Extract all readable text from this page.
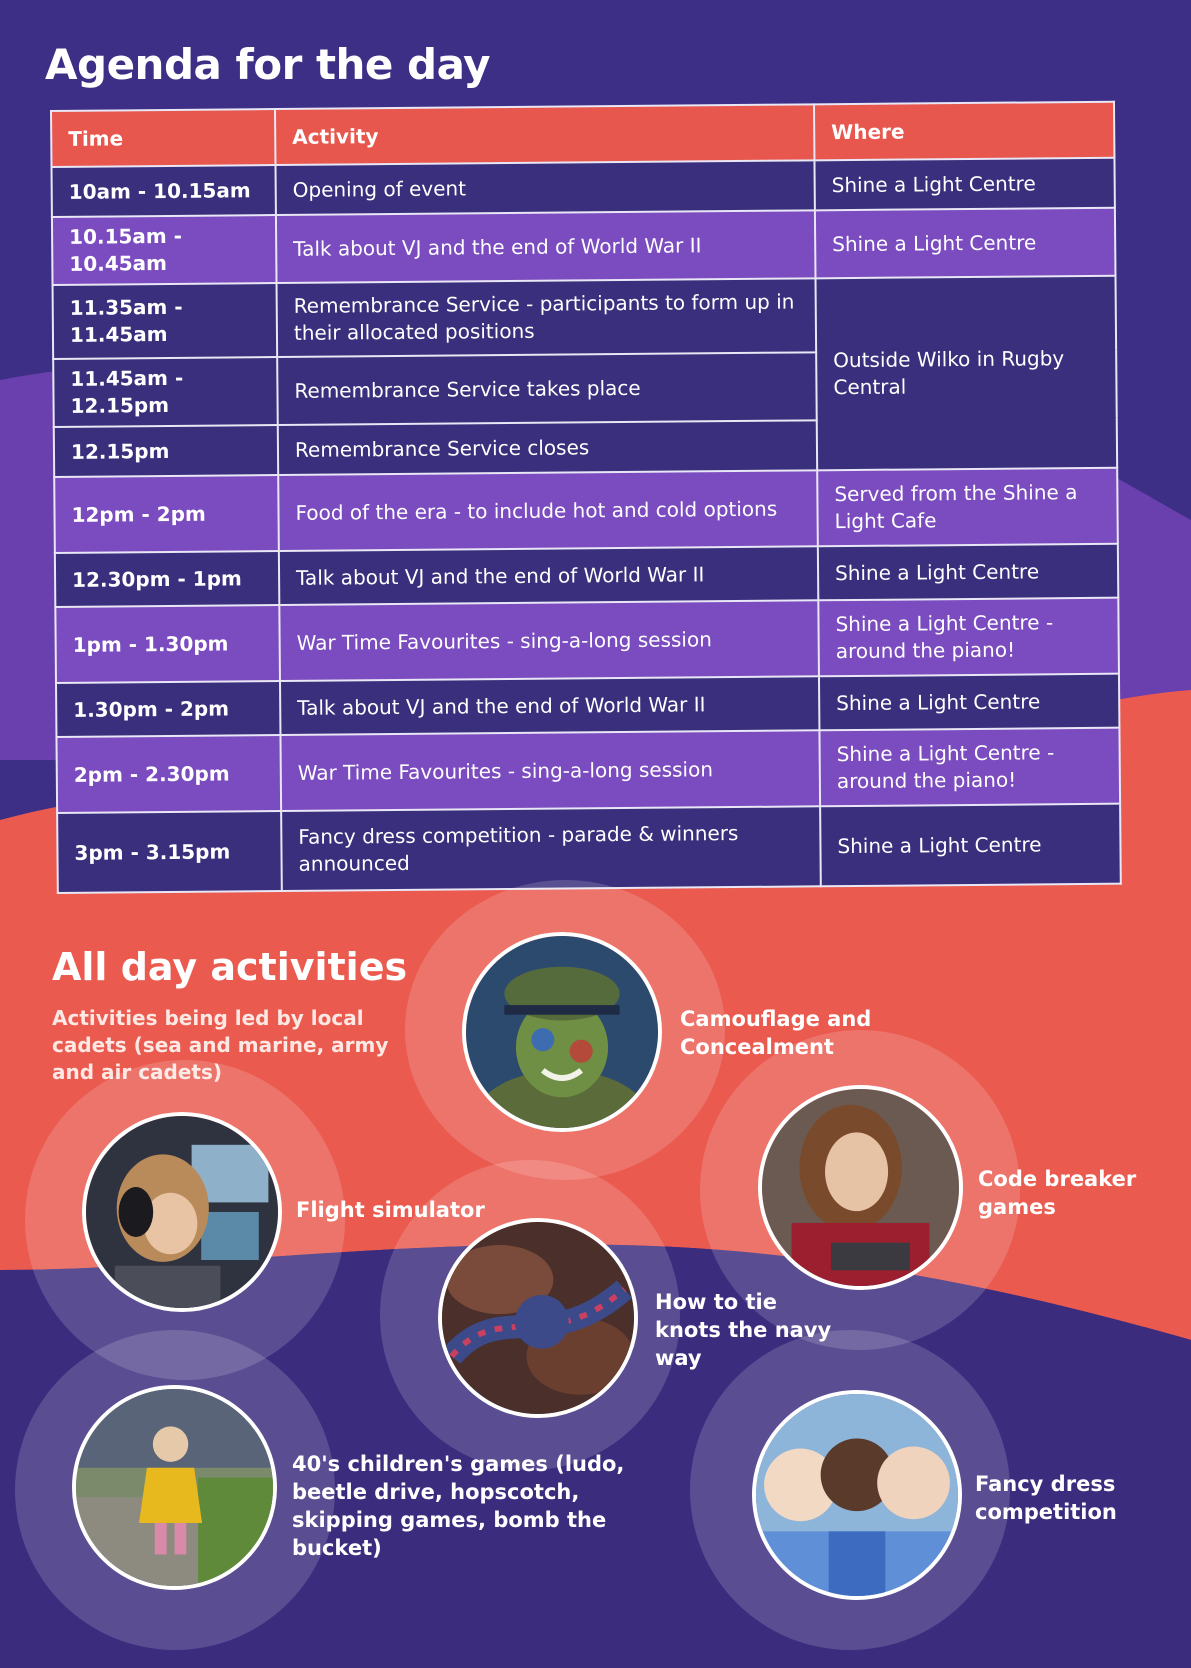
Agenda for the day
Time	Activity	Where
10am - 10.15am	Opening of event	Shine a Light Centre
10.15am - 10.45am	Talk about VJ and the end of World War II	Shine a Light Centre
11.35am - 11.45am	Remembrance Service - participants to form up in their allocated positions	Outside Wilko in Rugby Central
11.45am - 12.15pm	Remembrance Service takes place	
12.15pm	Remembrance Service closes	
12pm - 2pm	Food of the era - to include hot and cold options	Served from the Shine a Light Cafe
12.30pm - 1pm	Talk about VJ and the end of World War II	Shine a Light Centre
1pm - 1.30pm	War Time Favourites - sing-a-long session	Shine a Light Centre - around the piano!
1.30pm - 2pm	Talk about VJ and the end of World War II	Shine a Light Centre
2pm - 2.30pm	War Time Favourites - sing-a-long session	Shine a Light Centre - around the piano!
3pm - 3.15pm	Fancy dress competition - parade & winners announced	Shine a Light Centre
All day activities

Activities being led by local cadets (sea and marine, army and air cadets)

Camouflage and Concealment

Code breaker games

Flight simulator

How to tie knots the navy way

40's children's games (ludo, beetle drive, hopscotch, skipping games, bomb the bucket)

Fancy dress competition
